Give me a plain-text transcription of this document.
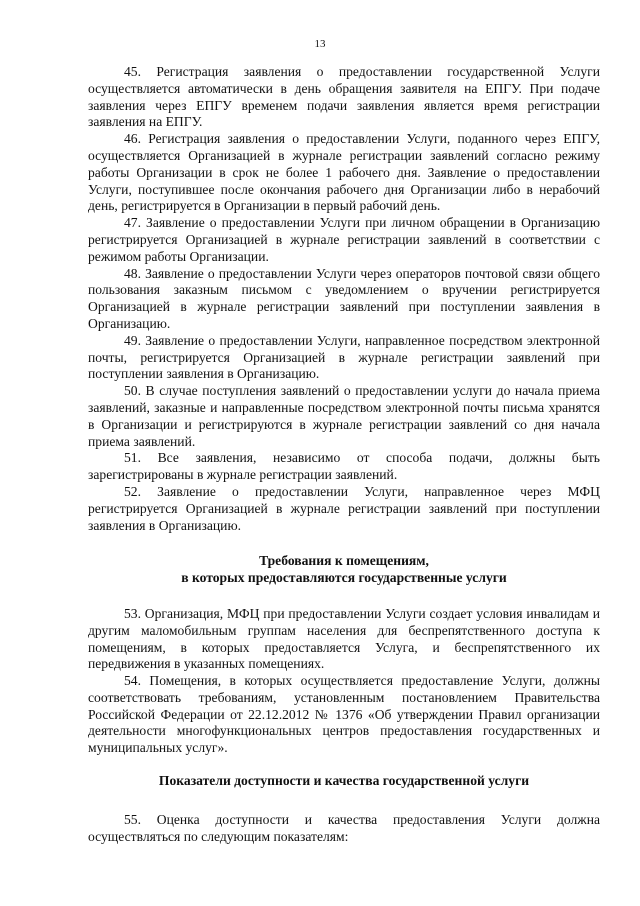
13

45. Регистрация заявления о предоставлении государственной Услуги осуществляется автоматически в день обращения заявителя на ЕПГУ. При подаче заявления через ЕПГУ временем подачи заявления является время регистрации заявления на ЕПГУ.

46. Регистрация заявления о предоставлении Услуги, поданного через ЕПГУ, осуществляется Организацией в журнале регистрации заявлений согласно режиму работы Организации в срок не более 1 рабочего дня. Заявление о предоставлении Услуги, поступившее после окончания рабочего дня Организации либо в нерабочий день, регистрируется в Организации в первый рабочий день.

47. Заявление о предоставлении Услуги при личном обращении в Организацию регистрируется Организацией в журнале регистрации заявлений в соответствии с режимом работы Организации.

48. Заявление о предоставлении Услуги через операторов почтовой связи общего пользования заказным письмом с уведомлением о вручении регистрируется Организацией в журнале регистрации заявлений при поступлении заявления в Организацию.

49. Заявление о предоставлении Услуги, направленное посредством электронной почты, регистрируется Организацией в журнале регистрации заявлений при поступлении заявления в Организацию.

50. В случае поступления заявлений о предоставлении услуги до начала приема заявлений, заказные и направленные посредством электронной почты письма хранятся в Организации и регистрируются в журнале регистрации заявлений со дня начала приема заявлений.

51. Все заявления, независимо от способа подачи, должны быть зарегистрированы в журнале регистрации заявлений.

52. Заявление о предоставлении Услуги, направленное через МФЦ регистрируется Организацией в журнале регистрации заявлений при поступлении заявления в Организацию.

Требования к помещениям,
в которых предоставляются государственные услуги

53. Организация, МФЦ при предоставлении Услуги создает условия инвалидам и другим маломобильным группам населения для беспрепятственного доступа к помещениям, в которых предоставляется Услуга, и беспрепятственного их передвижения в указанных помещениях.

54. Помещения, в которых осуществляется предоставление Услуги, должны соответствовать требованиям, установленным постановлением Правительства Российской Федерации от 22.12.2012 № 1376 «Об утверждении Правил организации деятельности многофункциональных центров предоставления государственных и муниципальных услуг».

Показатели доступности и качества государственной услуги

55. Оценка доступности и качества предоставления Услуги должна осуществляться по следующим показателям:
